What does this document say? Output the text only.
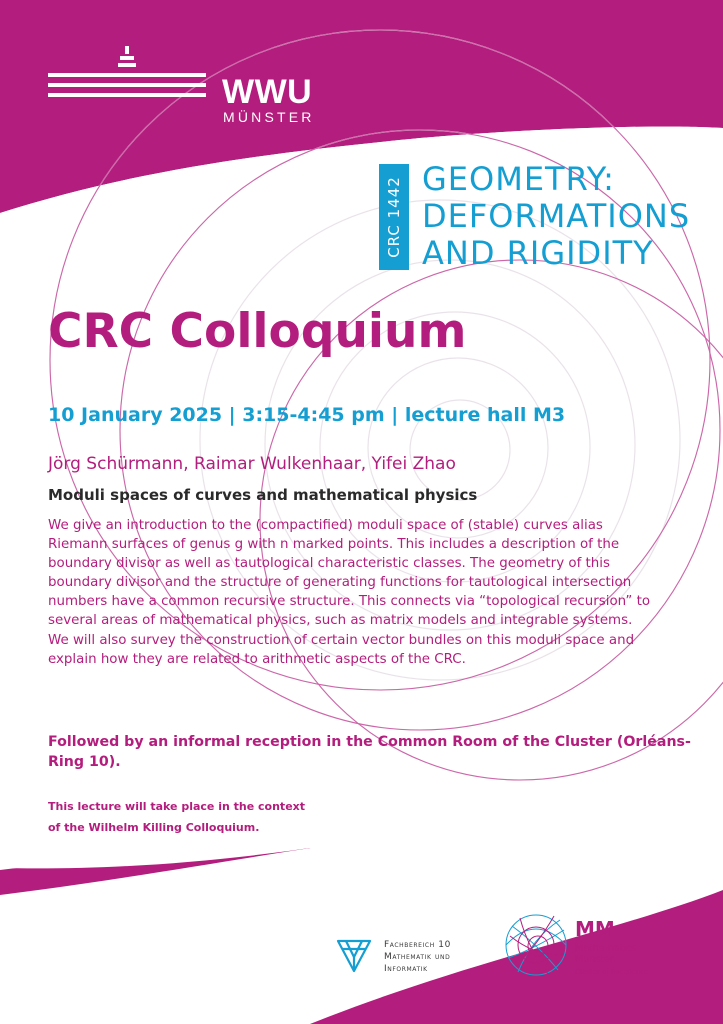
WWU
MÜNSTER
CRC 1442 GEOMETRY:
DEFORMATIONS
AND RIGIDITY
CRC Colloquium
10 January 2025 | 3:15-4:45 pm | lecture hall M3
Jörg Schürmann, Raimar Wulkenhaar, Yifei Zhao
Moduli spaces of curves and mathematical physics
We give an introduction to the (compactified) moduli space of (stable) curves alias
Riemann surfaces of genus g with n marked points. This includes a description of the
boundary divisor as well as tautological characteristic classes. The geometry of this
boundary divisor and the structure of generating functions for tautological intersection
numbers have a common recursive structure. This connects via “topological recursion” to
several areas of mathematical physics, such as matrix models and integrable systems.
We will also survey the construction of certain vector bundles on this moduli space and
explain how they are related to arithmetic aspects of the CRC.
Followed by an informal reception in the Common Room of the Cluster (Orléans-Ring 10).
This lecture will take place in the context
of the Wilhelm Killing Colloquium.
living.knowledge
Fachbereich 10
Mathematik und
Informatik
MM
Mathematics
Münster
Cluster of Excellence
